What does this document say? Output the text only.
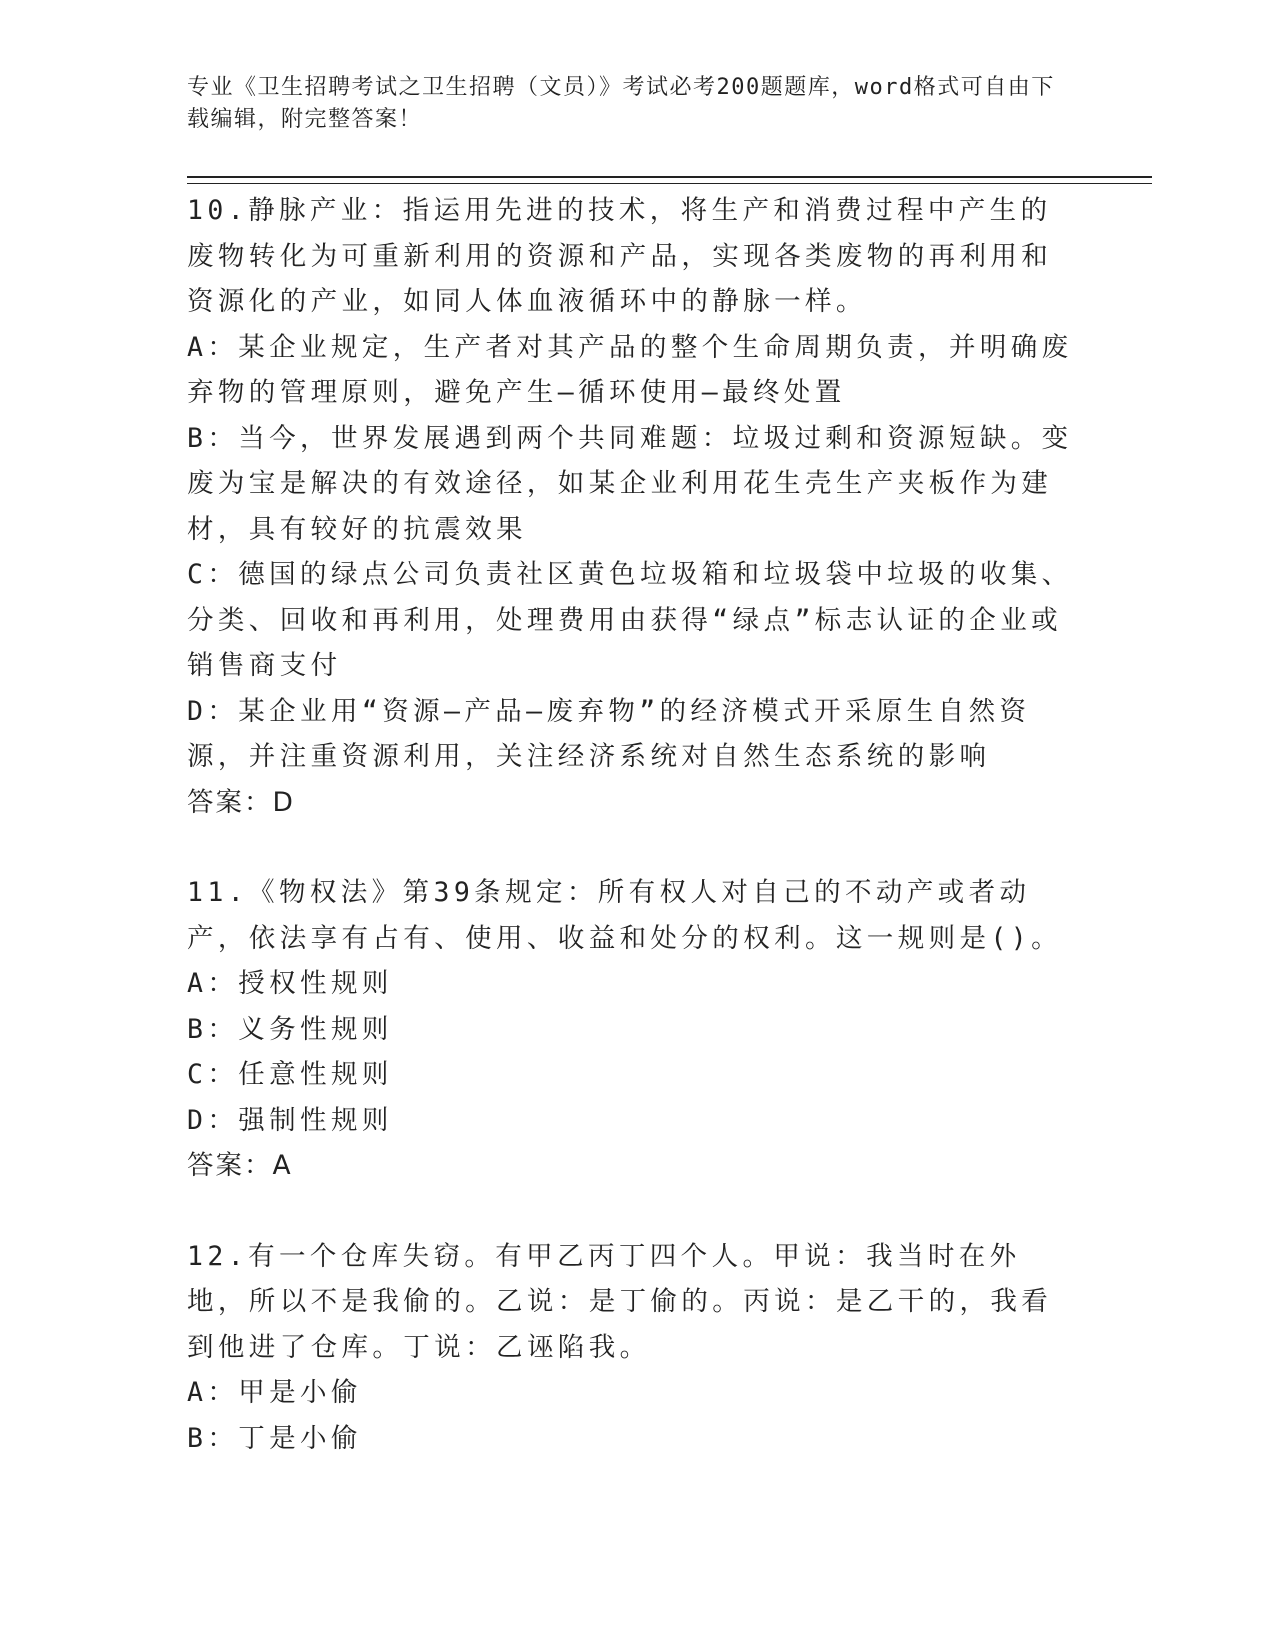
专业《卫生招聘考试之卫生招聘（文员）》考试必考200题题库，word格式可自由下载编辑，附完整答案！

10.静脉产业：指运用先进的技术，将生产和消费过程中产生的废物转化为可重新利用的资源和产品，实现各类废物的再利用和资源化的产业，如同人体血液循环中的静脉一样。

A：某企业规定，生产者对其产品的整个生命周期负责，并明确废弃物的管理原则，避免产生—循环使用—最终处置

B：当今，世界发展遇到两个共同难题：垃圾过剩和资源短缺。变废为宝是解决的有效途径，如某企业利用花生壳生产夹板作为建材，具有较好的抗震效果

C：德国的绿点公司负责社区黄色垃圾箱和垃圾袋中垃圾的收集、分类、回收和再利用，处理费用由获得“绿点”标志认证的企业或销售商支付

D：某企业用“资源—产品—废弃物”的经济模式开采原生自然资源，并注重资源利用，关注经济系统对自然生态系统的影响

答案：D

11.《物权法》第39条规定：所有权人对自己的不动产或者动产，依法享有占有、使用、收益和处分的权利。这一规则是()。

A：授权性规则

B：义务性规则

C：任意性规则

D：强制性规则

答案：A

12.有一个仓库失窃。有甲乙丙丁四个人。甲说：我当时在外地，所以不是我偷的。乙说：是丁偷的。丙说：是乙干的，我看到他进了仓库。丁说：乙诬陷我。

A：甲是小偷

B：丁是小偷
